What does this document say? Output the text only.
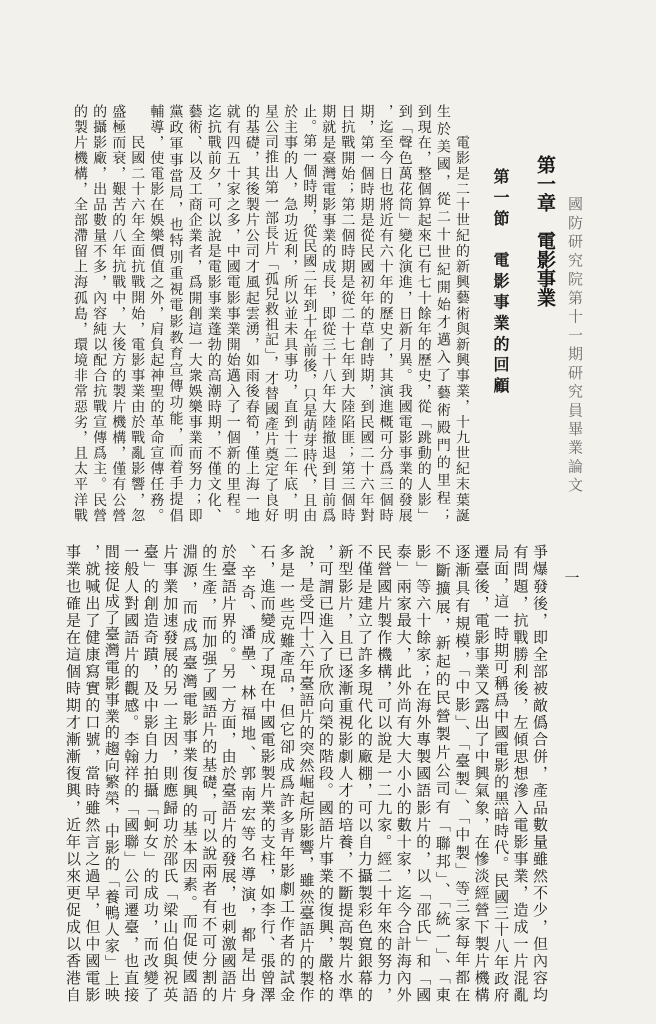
國防研究院第十一期研究員畢業論文
第一章　電影事業
第一節　電影事業的回顧
一
電影是二十世紀的新興藝術與新興事業，十九世紀末葉誕
生於美國，從二十世紀開始才邁入了藝術殿門的里程；
到現在，整個算起來已有七十餘年的歷史，從「跳動的人影」
到「聲色萬花筒」變化演進，日新月異。我國電影事業的發展
，迄至今日也將近有六十年的歷史了，其演進概可分爲三個時
期，第一個時期是從民國初年的草創時期，到民國二十六年對
日抗戰開始；第二個時期是從二十七年到大陸陷匪；第三個時
期就是臺灣電影事業的成長，即從三十八年大陸撤退到目前爲
止。第一個時期，從民國二年到十年前後，只是萌芽時代，且由
於主事的人，急功近利，所以並未具事功，直到十二年底，明
星公司推出第一部長片「孤兒救祖記」，才替國產片奠定了良好
的基礎，其後製片公司才風起雲湧，如雨後春筍，僅上海一地
就有四五十家之多，中國電影事業開始邁入了一個新的里程。
迄抗戰前夕，可以說是電影事業蓬勃的高潮時期，不僅文化、
藝術、以及工商企業者，爲開創這一大衆娛樂事業而努力；即
黨政軍事當局，也特別重視電影教育宣傳功能，而着手提倡
輔導，使電影在娛樂價值之外，肩負起神聖的革命宣傳任務。
民國二十六年全面抗戰開始，電影事業由於戰亂影響，忽
盛極而衰，艱苦的八年抗戰中，大後方的製片機構，僅有公營
的攝影廠，出品數量不多，內容純以配合抗戰宣傳爲主。民營
的製片機構，全部滯留上海孤島，環境非常惡劣，且太平洋戰
爭爆發後，即全部被敵僞合併，產品數量雖然不少，但內容均
有問題，抗戰勝利後，左傾思想滲入電影事業，造成一片混亂
局面，這一時期可稱爲中國電影的黑暗時代。民國三十八年政府
遷臺後，電影事業又露出了中興氣象，在慘淡經營下製片機構
逐漸具有規模，「中影」、「臺製」、「中製」等三家每年都在
不斷擴展，新起的民營製片公司有「聯邦」、「統一」、「東
影」等六十餘家；在海外專製國語影片的，以「邵氏」和「國
泰」兩家最大，此外尚有大大小小的數十家，迄今合計海內外
民營國片製作機構，可以說是一二九家。經二十年來的努力，
不僅是建立了許多現代化的廠棚，可以自力攝製彩色寬銀幕的
新型影片，且已逐漸重視影劇人才的培養，不斷提高製片水準
，可謂已進入了欣欣向榮的階段。國語片事業的復興，嚴格的
說，是受四十六年臺語片的突然崛起所影響，雖然臺語片的製作
多是一些克難產品，但它卻成爲許多青年影劇工作者的試金
石，進而變成了現在中國電影製片業的支柱，如李行、張曾澤
、辛奇、潘壘、林福地、郭南宏等名導演，都是出身
於臺語片界的。另一方面，由於臺語片的發展，也刺激國語片
的生產，而加强了國語片的基礎，可以說兩者有不可分割的
淵源，而成爲臺灣電影事業復興的基本因素。而促使國語
片事業加速發展的另一主因，則應歸功於邵氏「梁山伯與祝英
臺」的創造奇蹟，及中影自力拍攝「蚵女」的成功，而改變了
一般人對國語片的觀感。李翰祥的「國聯」公司遷臺，也直接
間接促成了臺灣電影事業的趨向繁榮，中影的「養鴨人家」上映
，就喊出了健康寫實的口號，當時雖然言之過早，但中國電影
事業也確是在這個時期才漸漸復興，近年以來更促成以香港自
